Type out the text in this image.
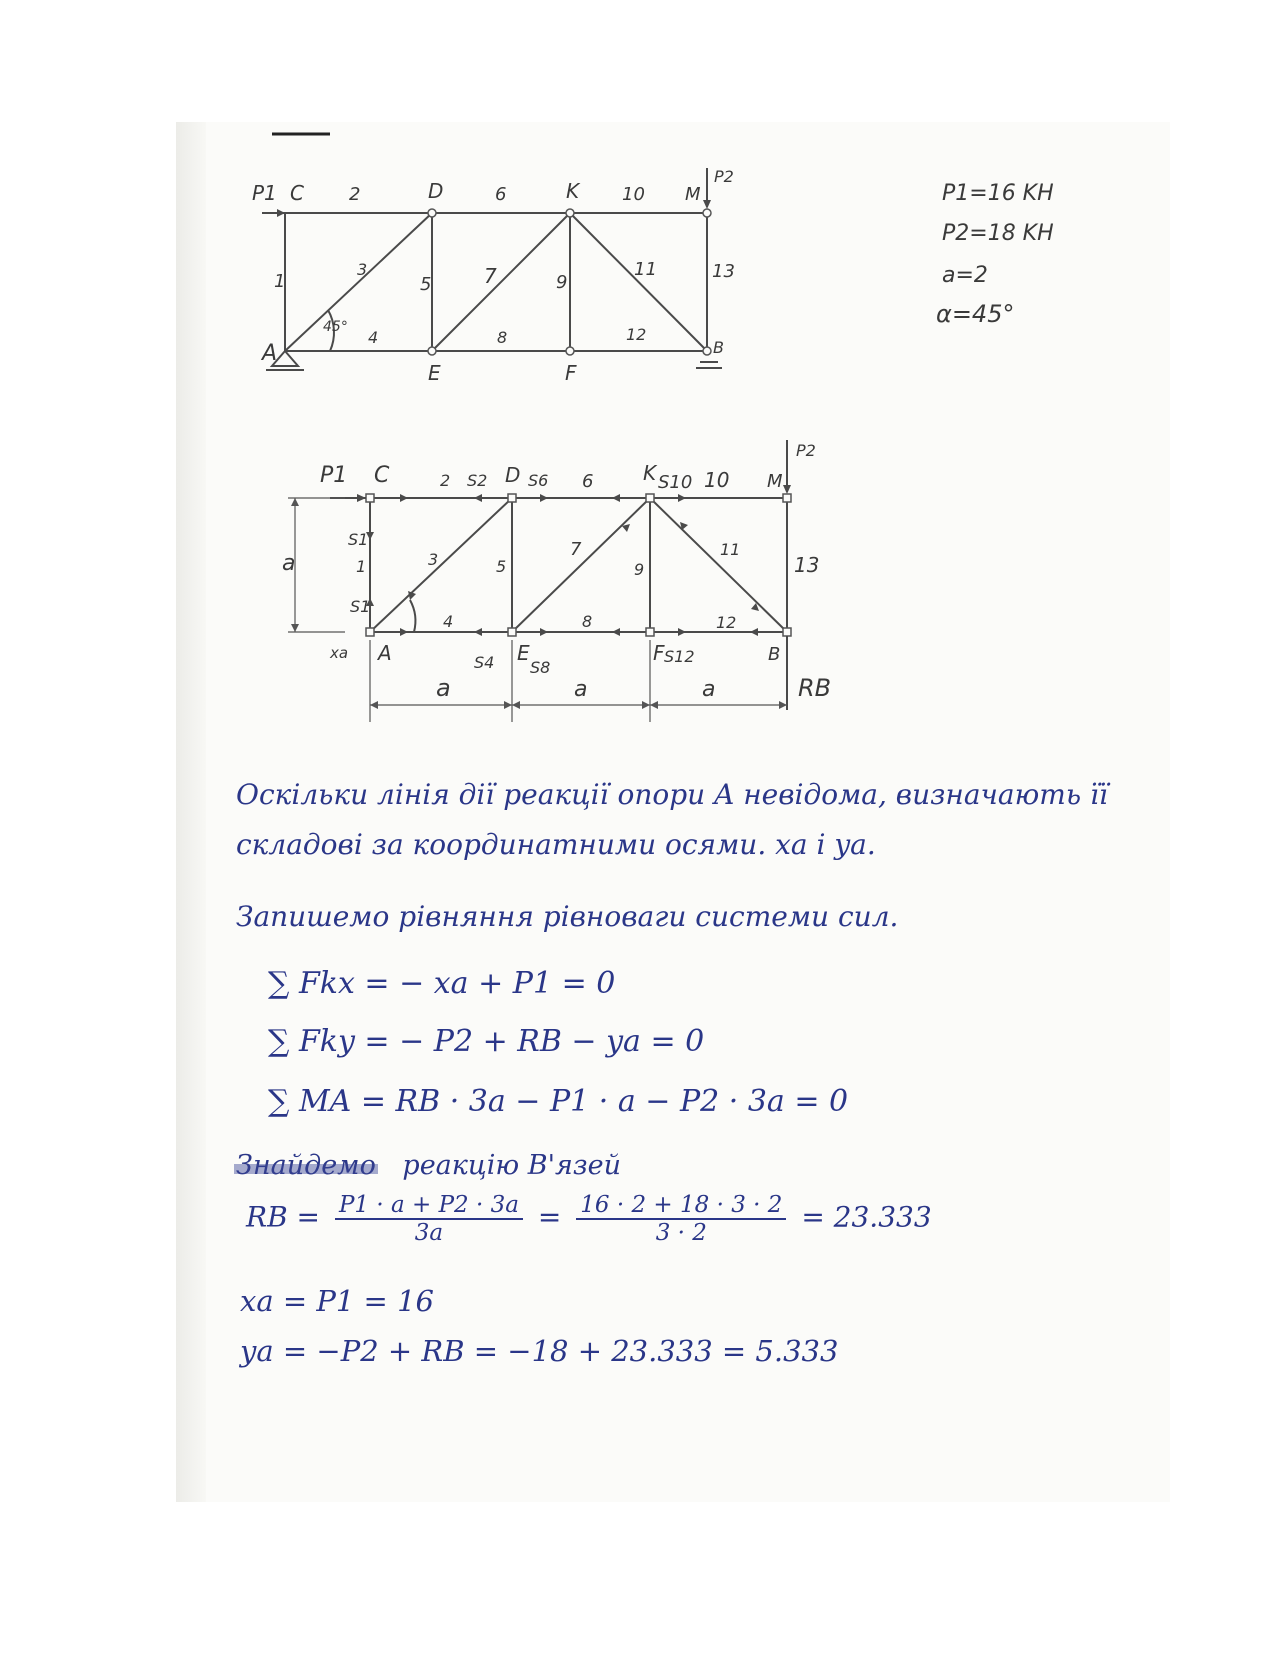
P1 C	D	K	M
P2
A
E	F
B
45°
1
2
3
4
5
6
7
8
9
10
11
12
13
P1=16 KH
P2=18 KH
a=2
α=45°
P1 C	D	K	M
P2
A	E	F	B
RB
xa
S1
S1
S2	S6
S4 S8
S10
S12
1
2
3
4
5
6
7
8
9
10
11
12
13
a
a	a	a
Оскільки лінія дії реакції опори A невідома, визначають її
складові за координатними осями. xa і ya.
Запишемо рівняння рівноваги системи сил.
∑ Fkx = − xa + P1 = 0
∑ Fky = − P2 + RB − ya = 0
∑ MA = RB · 3a − P1 · a − P2 · 3a = 0
Знайдемо реакцію В'язей
RB = $\frac{P1 \cdot a + P2 \cdot 3a}{3a} = \frac{16 \cdot 2 + 18 \cdot 3 \cdot 2}{3 \cdot 2} = 23.333$
xa = P1 = 16
ya = −P2 + RB = −18 + 23.333 = 5.333
